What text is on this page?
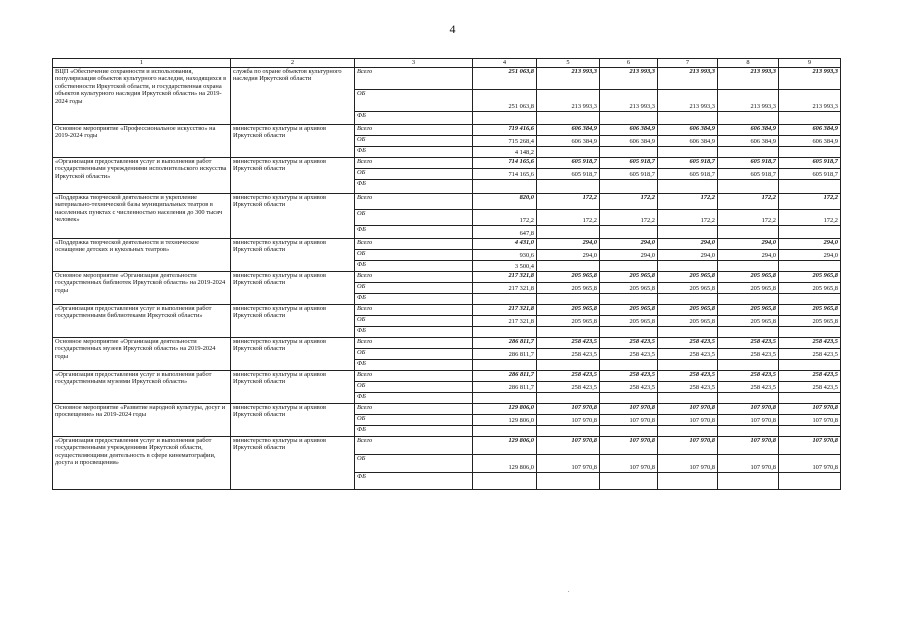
4
1	2	3	4	5	6	7	8	9
ВЦП «Обеспечение сохранности и использования, популяризация объектов культурного наследия, находящихся в собственности Иркутской области, и государственная охрана объектов культурного наследия Иркутской области» на 2019-2024 годы	служба по охране объектов культурного наследия Иркутской области	Всего	251 063,8	213 993,3	213 993,3	213 993,3	213 993,3	213 993,3
		ОБ	251 063,8	213 993,3	213 993,3	213 993,3	213 993,3	213 993,3
		ФБ						
Основное мероприятие «Профессиональное искусство» на 2019-2024 годы	министерство культуры и архивов Иркутской области	Всего	719 416,6	606 384,9	606 384,9	606 384,9	606 384,9	606 384,9
		ОБ	715 268,4	606 384,9	606 384,9	606 384,9	606 384,9	606 384,9
		ФБ	4 148,2					
«Организация предоставления услуг и выполнения работ государственными учреждениями исполнительского искусства Иркутской области»	министерство культуры и архивов Иркутской области	Всего	714 165,6	605 918,7	605 918,7	605 918,7	605 918,7	605 918,7
		ОБ	714 165,6	605 918,7	605 918,7	605 918,7	605 918,7	605 918,7
		ФБ						
«Поддержка творческой деятельности и укрепление материально-технической базы муниципальных театров в населенных пунктах с численностью населения до 300 тысяч человек»	министерство культуры и архивов Иркутской области	Всего	820,0	172,2	172,2	172,2	172,2	172,2
		ОБ	172,2	172,2	172,2	172,2	172,2	172,2
		ФБ	647,8					
«Поддержка творческой деятельности и техническое оснащение детских и кукольных театров»	министерство культуры и архивов Иркутской области	Всего	4 431,0	294,0	294,0	294,0	294,0	294,0
		ОБ	930,6	294,0	294,0	294,0	294,0	294,0
		ФБ	3 500,4					
Основное мероприятие «Организация деятельности государственных библиотек Иркутской области» на 2019-2024 годы	министерство культуры и архивов Иркутской области	Всего	217 321,8	205 965,8	205 965,8	205 965,8	205 965,8	205 965,8
		ОБ	217 321,8	205 965,8	205 965,8	205 965,8	205 965,8	205 965,8
		ФБ						
«Организация предоставления услуг и выполнения работ государственными библиотеками Иркутской области»	министерство культуры и архивов Иркутской области	Всего	217 321,8	205 965,8	205 965,8	205 965,8	205 965,8	205 965,8
		ОБ	217 321,8	205 965,8	205 965,8	205 965,8	205 965,8	205 965,8
		ФБ						
Основное мероприятие «Организация деятельности государственных музеев Иркутской области» на 2019-2024 годы	министерство культуры и архивов Иркутской области	Всего	286 811,7	258 423,5	258 423,5	258 423,5	258 423,5	258 423,5
		ОБ	286 811,7	258 423,5	258 423,5	258 423,5	258 423,5	258 423,5
		ФБ						
«Организация предоставления услуг и выполнения работ государственными музеями Иркутской области»	министерство культуры и архивов Иркутской области	Всего	286 811,7	258 423,5	258 423,5	258 423,5	258 423,5	258 423,5
		ОБ	286 811,7	258 423,5	258 423,5	258 423,5	258 423,5	258 423,5
		ФБ						
Основное мероприятие «Развитие народной культуры, досуг и просвещение» на 2019-2024 годы	министерство культуры и архивов Иркутской области	Всего	129 806,0	107 970,8	107 970,8	107 970,8	107 970,8	107 970,8
		ОБ	129 806,0	107 970,8	107 970,8	107 970,8	107 970,8	107 970,8
		ФБ						
«Организация предоставления услуг и выполнения работ государственными учреждениями Иркутской области, осуществляющими деятельность в сфере кинематографии, досуга и просвещения»	министерство культуры и архивов Иркутской области	Всего	129 806,0	107 970,8	107 970,8	107 970,8	107 970,8	107 970,8
		ОБ	129 806,0	107 970,8	107 970,8	107 970,8	107 970,8	107 970,8
		ФБ						
.
